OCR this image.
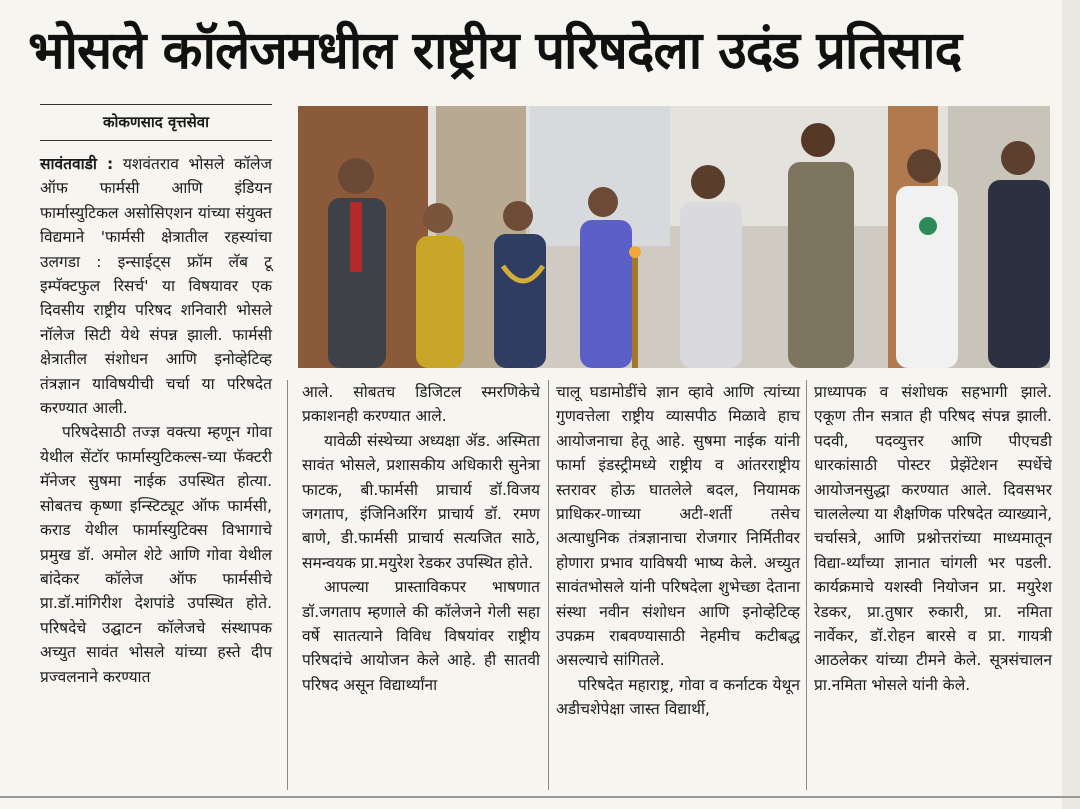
भोसले कॉलेजमधील राष्ट्रीय परिषदेला उदंड प्रतिसाद
कोकणसाद वृत्तसेवा

सावंतवाडी : यशवंतराव भोसले कॉलेज ऑफ फार्मसी आणि इंडियन फार्मास्युटिकल असोसिएशन यांच्या संयुक्त विद्यमाने 'फार्मसी क्षेत्रातील रहस्यांचा उलगडा : इन्साईट्स फ्रॉम लॅब टू इम्पॅक्टफुल रिसर्च' या विषयावर एक दिवसीय राष्ट्रीय परिषद शनिवारी भोसले नॉलेज सिटी येथे संपन्न झाली. फार्मसी क्षेत्रातील संशोधन आणि इनोव्हेटिव्ह तंत्रज्ञान याविषयीची चर्चा या परिषदेत करण्यात आली.

परिषदेसाठी तज्ज्ञ वक्त्या म्हणून गोवा येथील सेंटॉर फार्मास्युटिकल्स-च्या फॅक्टरी मॅनेजर सुषमा नाईक उपस्थित होत्या. सोबतच कृष्णा इन्स्टिट्यूट ऑफ फार्मसी, कराड येथील फार्मास्युटिक्स विभागाचे प्रमुख डॉ. अमोल शेटे आणि गोवा येथील बांदेकर कॉलेज ऑफ फार्मसीचे प्रा.डॉ.मांगिरीश देशपांडे उपस्थित होते. परिषदेचे उद्घाटन कॉलेजचे संस्थापक अच्युत सावंत भोसले यांच्या हस्ते दीप प्रज्वलनाने करण्यात

आले. सोबतच डिजिटल स्मरणिकेचे प्रकाशनही करण्यात आले.

यावेळी संस्थेच्या अध्यक्षा ॲड. अस्मिता सावंत भोसले, प्रशासकीय अधिकारी सुनेत्रा फाटक, बी.फार्मसी प्राचार्य डॉ.विजय जगताप, इंजिनिअरिंग प्राचार्य डॉ. रमण बाणे, डी.फार्मसी प्राचार्य सत्यजित साठे, समन्वयक प्रा.मयुरेश रेडकर उपस्थित होते.

आपल्या प्रास्ताविकपर भाषणात डॉ.जगताप म्हणाले की कॉलेजने गेली सहा वर्षे सातत्याने विविध विषयांवर राष्ट्रीय परिषदांचे आयोजन केले आहे. ही सातवी परिषद असून विद्यार्थ्यांना

चालू घडामोडींचे ज्ञान व्हावे आणि त्यांच्या गुणवत्तेला राष्ट्रीय व्यासपीठ मिळावे हाच आयोजनाचा हेतू आहे. सुषमा नाईक यांनी फार्मा इंडस्ट्रीमध्ये राष्ट्रीय व आंतरराष्ट्रीय स्तरावर होऊ घातलेले बदल, नियामक प्राधिकर-णाच्या अटी-शर्ती तसेच अत्याधुनिक तंत्रज्ञानाचा रोजगार निर्मितीवर होणारा प्रभाव याविषयी भाष्य केले. अच्युत सावंतभोसले यांनी परिषदेला शुभेच्छा देताना संस्था नवीन संशोधन आणि इनोव्हेटिव्ह उपक्रम राबवण्यासाठी नेहमीच कटीबद्ध असल्याचे सांगितले.

परिषदेत महाराष्ट्र, गोवा व कर्नाटक येथून अडीचशेपेक्षा जास्त विद्यार्थी,

प्राध्यापक व संशोधक सहभागी झाले. एकूण तीन सत्रात ही परिषद संपन्न झाली. पदवी, पदव्युत्तर आणि पीएचडी धारकांसाठी पोस्टर प्रेझेंटेशन स्पर्धेचे आयोजनसुद्धा करण्यात आले. दिवसभर चाललेल्या या शैक्षणिक परिषदेत व्याख्याने, चर्चासत्रे, आणि प्रश्नोत्तरांच्या माध्यमातून विद्या-र्थ्यांच्या ज्ञानात चांगली भर पडली. कार्यक्रमाचे यशस्वी नियोजन प्रा. मयुरेश रेडकर, प्रा.तुषार रुकारी, प्रा. नमिता नार्वेकर, डॉ.रोहन बारसे व प्रा. गायत्री आठलेकर यांच्या टीमने केले. सूत्रसंचालन प्रा.नमिता भोसले यांनी केले.
